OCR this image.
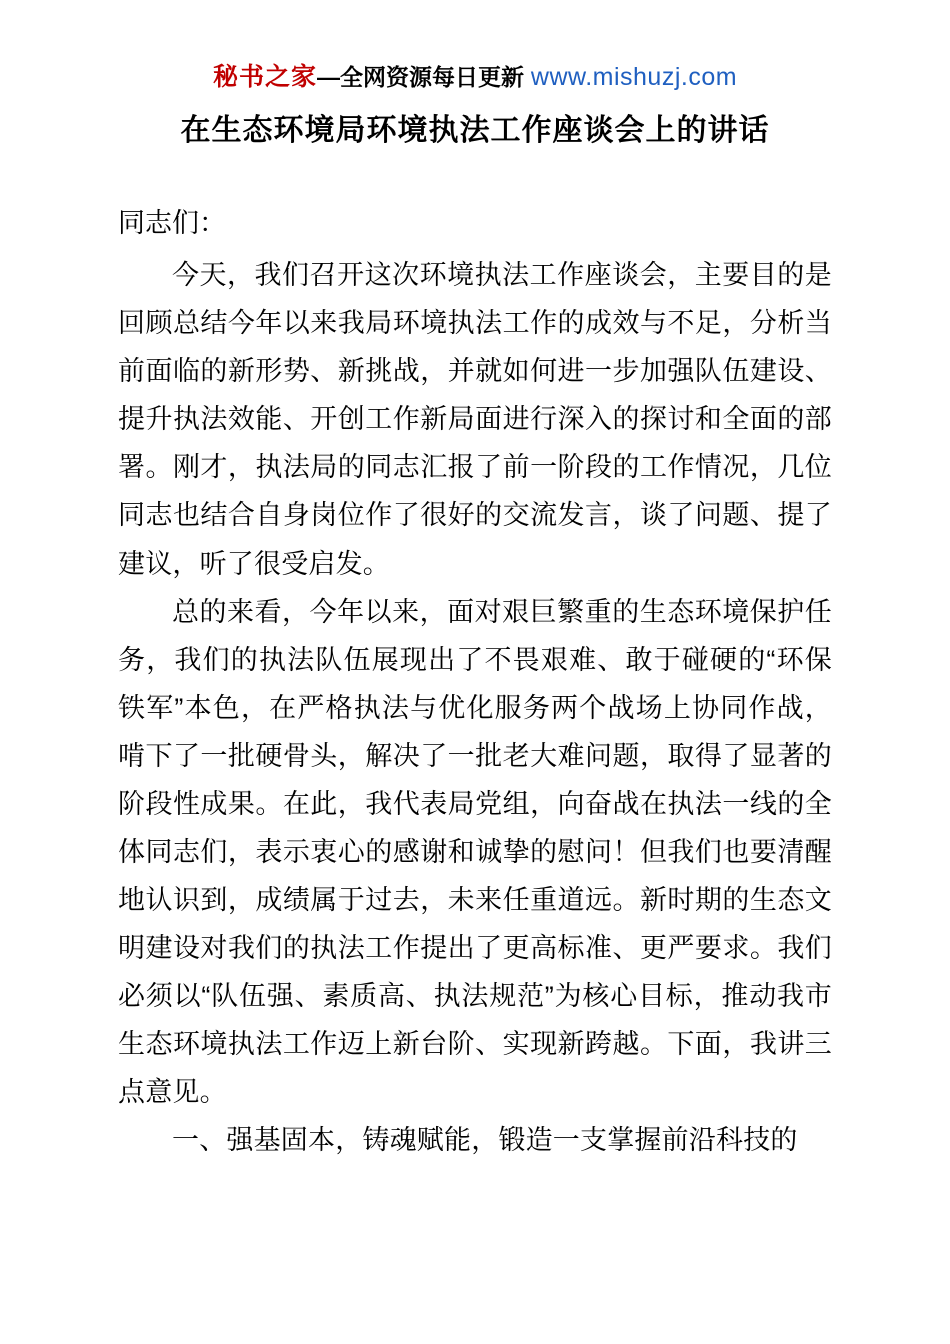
秘书之家—全网资源每日更新 www.mishuzj.com
在生态环境局环境执法工作座谈会上的讲话

同志们：

今天，我们召开这次环境执法工作座谈会，主要目的是回顾总结今年以来我局环境执法工作的成效与不足，分析当前面临的新形势、新挑战，并就如何进一步加强队伍建设、提升执法效能、开创工作新局面进行深入的探讨和全面的部署。刚才，执法局的同志汇报了前一阶段的工作情况，几位同志也结合自身岗位作了很好的交流发言，谈了问题、提了建议，听了很受启发。

总的来看，今年以来，面对艰巨繁重的生态环境保护任务，我们的执法队伍展现出了不畏艰难、敢于碰硬的“环保铁军”本色，在严格执法与优化服务两个战场上协同作战，啃下了一批硬骨头，解决了一批老大难问题，取得了显著的阶段性成果。在此，我代表局党组，向奋战在执法一线的全体同志们，表示衷心的感谢和诚挚的慰问！但我们也要清醒地认识到，成绩属于过去，未来任重道远。新时期的生态文明建设对我们的执法工作提出了更高标准、更严要求。我们必须以“队伍强、素质高、执法规范”为核心目标，推动我市生态环境执法工作迈上新台阶、实现新跨越。下面，我讲三点意见。

一、强基固本，铸魂赋能，锻造一支掌握前沿科技的
